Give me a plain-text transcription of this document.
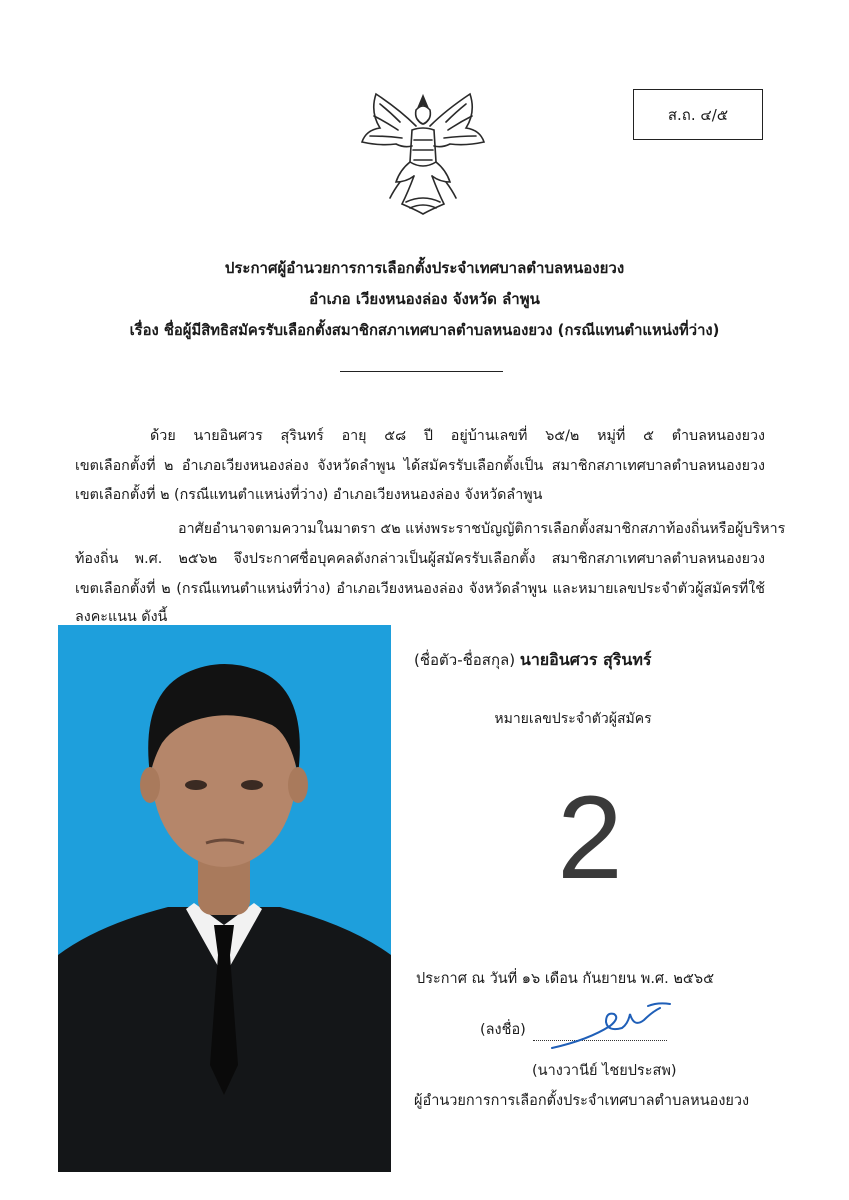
ส.ถ. ๔/๕
ประกาศผู้อำนวยการการเลือกตั้งประจำเทศบาลตำบลหนองยวง
อำเภอ เวียงหนองล่อง จังหวัด ลำพูน
เรื่อง ชื่อผู้มีสิทธิสมัครรับเลือกตั้งสมาชิกสภาเทศบาลตำบลหนองยวง (กรณีแทนตำแหน่งที่ว่าง)
ด้วย นายอินศวร สุรินทร์ อายุ ๕๘ ปี อยู่บ้านเลขที่ ๖๕/๒ หมู่ที่ ๕ ตำบลหนองยวง
เขตเลือกตั้งที่ ๒ อำเภอเวียงหนองล่อง จังหวัดลำพูน ได้สมัครรับเลือกตั้งเป็น สมาชิกสภาเทศบาลตำบลหนองยวง
เขตเลือกตั้งที่ ๒ (กรณีแทนตำแหน่งที่ว่าง) อำเภอเวียงหนองล่อง จังหวัดลำพูน
อาศัยอำนาจตามความในมาตรา ๕๒ แห่งพระราชบัญญัติการเลือกตั้งสมาชิกสภาท้องถิ่นหรือผู้บริหาร
ท้องถิ่น พ.ศ. ๒๕๖๒ จึงประกาศชื่อบุคคลดังกล่าวเป็นผู้สมัครรับเลือกตั้ง สมาชิกสภาเทศบาลตำบลหนองยวง
เขตเลือกตั้งที่ ๒ (กรณีแทนตำแหน่งที่ว่าง) อำเภอเวียงหนองล่อง จังหวัดลำพูน และหมายเลขประจำตัวผู้สมัครที่ใช้
ลงคะแนน ดังนี้
(ชื่อตัว-ชื่อสกุล) นายอินศวร สุรินทร์
หมายเลขประจำตัวผู้สมัคร
2
ประกาศ ณ วันที่ ๑๖ เดือน กันยายน พ.ศ. ๒๕๖๕
(ลงชื่อ)
(นางวานีย์ ไชยประสพ)
ผู้อำนวยการการเลือกตั้งประจำเทศบาลตำบลหนองยวง
